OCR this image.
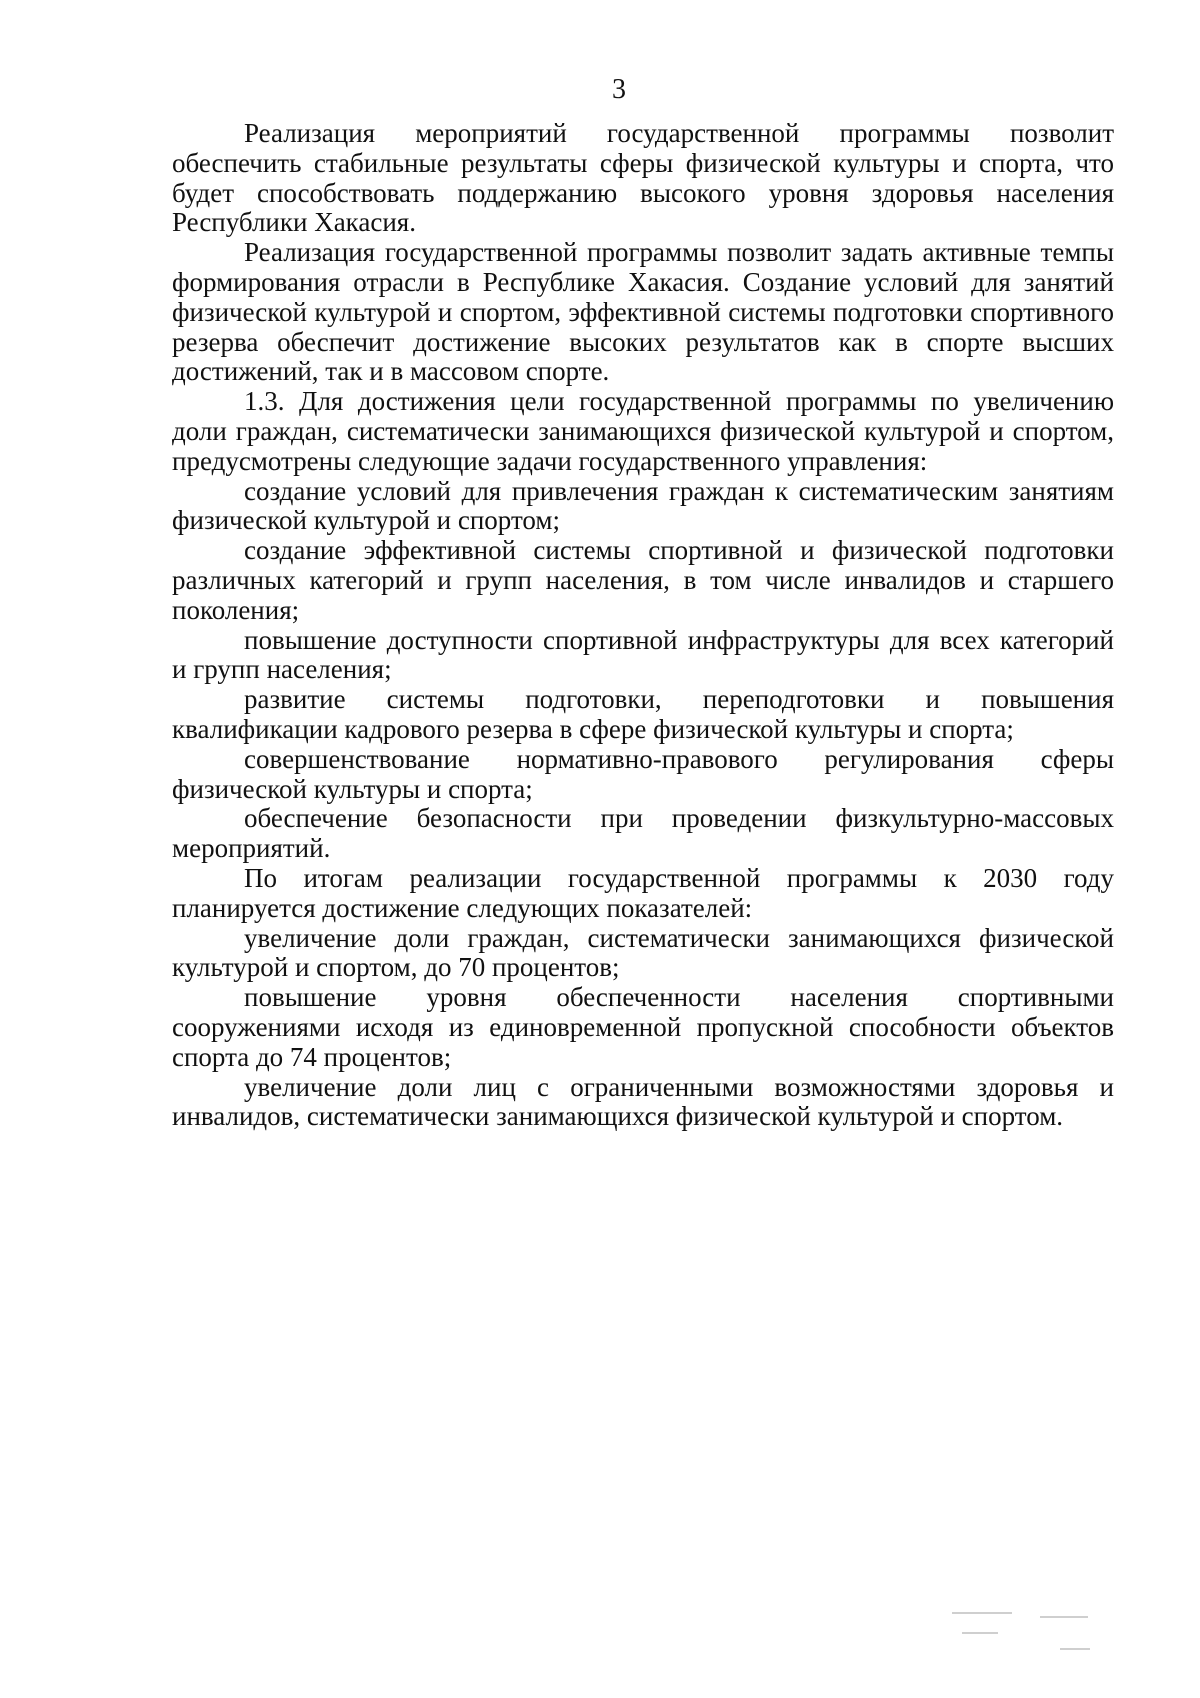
3

Реализация мероприятий государственной программы позволит обеспечить стабильные результаты сферы физической культуры и спорта, что будет способствовать поддержанию высокого уровня здоровья населения Республики Хакасия.

Реализация государственной программы позволит задать активные темпы формирования отрасли в Республике Хакасия. Создание условий для занятий физической культурой и спортом, эффективной системы подготовки спортивного резерва обеспечит достижение высоких результатов как в спорте высших достижений, так и в массовом спорте.

1.3. Для достижения цели государственной программы по увеличению доли граждан, систематически занимающихся физической культурой и спортом, предусмотрены следующие задачи государственного управления:

создание условий для привлечения граждан к систематическим занятиям физической культурой и спортом;

создание эффективной системы спортивной и физической подготовки различных категорий и групп населения, в том числе инвалидов и старшего поколения;

повышение доступности спортивной инфраструктуры для всех категорий и групп населения;

развитие системы подготовки, переподготовки и повышения квалификации кадрового резерва в сфере физической культуры и спорта;

совершенствование нормативно-правового регулирования сферы физической культуры и спорта;

обеспечение безопасности при проведении физкультурно-массовых мероприятий.

По итогам реализации государственной программы к 2030 году планируется достижение следующих показателей:

увеличение доли граждан, систематически занимающихся физической культурой и спортом, до 70 процентов;

повышение уровня обеспеченности населения спортивными сооружениями исходя из единовременной пропускной способности объектов спорта до 74 процентов;

увеличение доли лиц с ограниченными возможностями здоровья и инвалидов, систематически занимающихся физической культурой и спортом.
